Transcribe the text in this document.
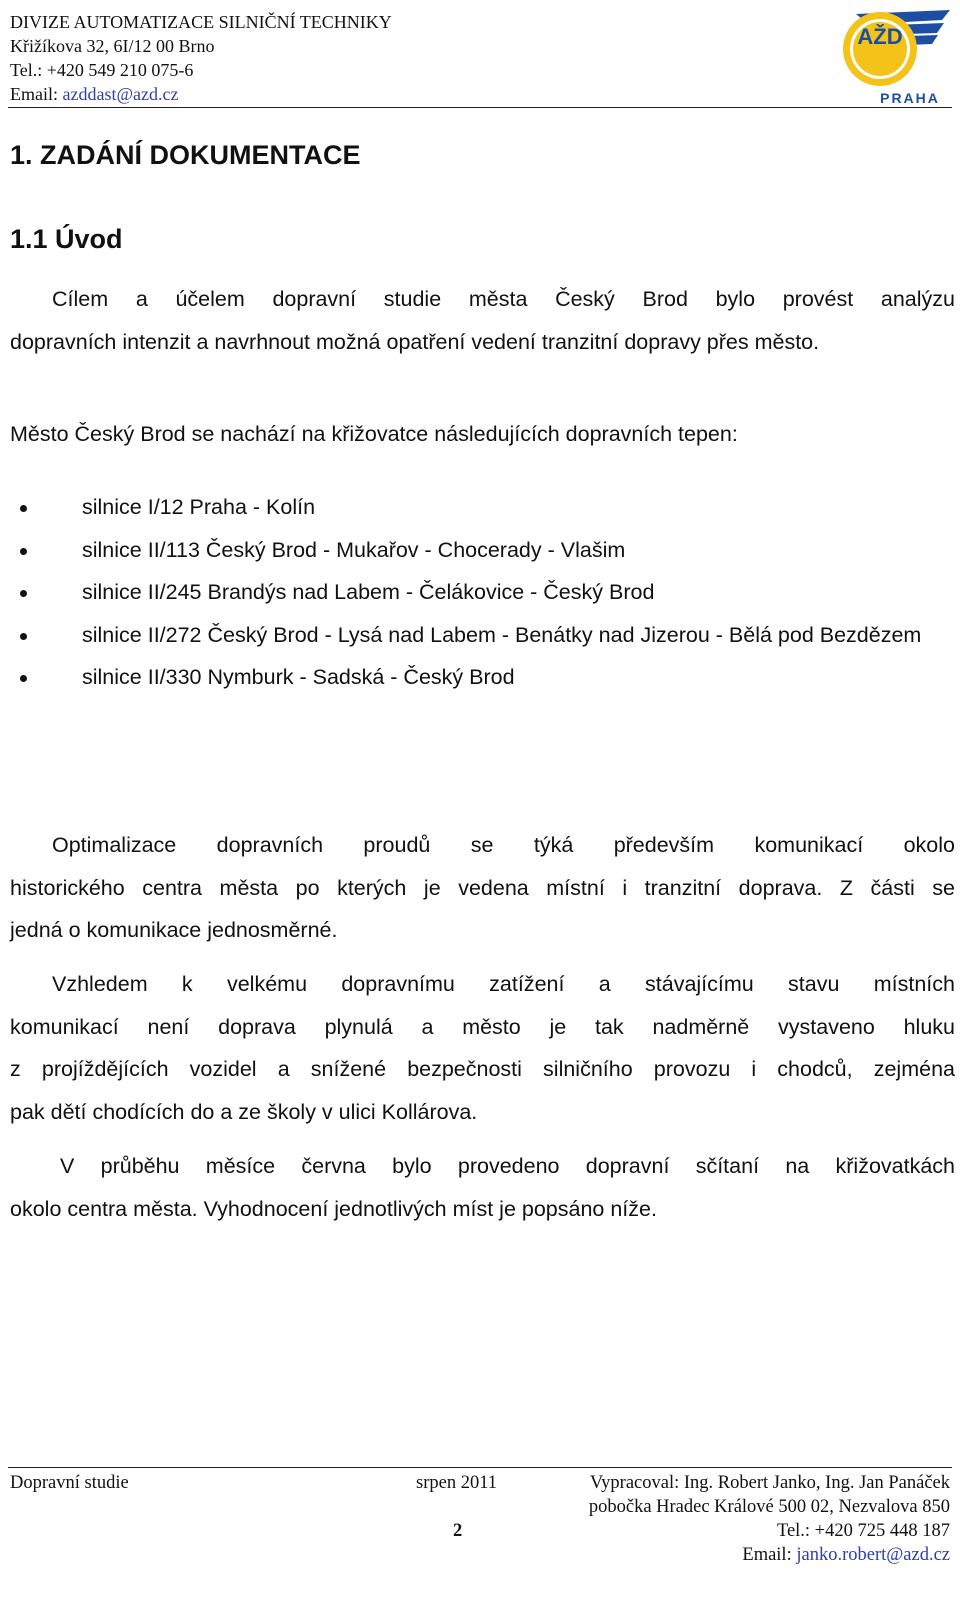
DIVIZE AUTOMATIZACE SILNIČNÍ TECHNIKY
Křižíkova 32, 6I/12 00 Brno
Tel.: +420 549 210 075-6
Email: azddast@azd.cz
AŽD
PRAHA
1. ZADÁNÍ DOKUMENTACE
1.1 Úvod
Cílem a účelem dopravní studie města Český Brod bylo provést analýzu
dopravních intenzit a navrhnout možná opatření vedení tranzitní dopravy přes město.
Město Český Brod se nachází na křižovatce následujících dopravních tepen:
silnice I/12 Praha - Kolín
silnice II/113 Český Brod - Mukařov - Chocerady - Vlašim
silnice II/245 Brandýs nad Labem - Čelákovice - Český Brod
silnice II/272 Český Brod - Lysá nad Labem - Benátky nad Jizerou - Bělá pod Bezdězem
silnice II/330 Nymburk - Sadská - Český Brod
Optimalizace dopravních proudů se týká především komunikací okolo
historického centra města po kterých je vedena místní i tranzitní doprava. Z části se
jedná o komunikace jednosměrné.
Vzhledem k velkému dopravnímu zatížení a stávajícímu stavu místních
komunikací není doprava plynulá a město je tak nadměrně vystaveno hluku
z projíždějících vozidel a snížené bezpečnosti silničního provozu i chodců, zejména
pak dětí chodících do a ze školy v ulici Kollárova.
V průběhu měsíce června bylo provedeno dopravní sčítaní na křižovatkách
okolo centra města. Vyhodnocení jednotlivých míst je popsáno níže.
Dopravní studie	srpen 2011	Vypracoval: Ing. Robert Janko, Ing. Jan Panáček
pobočka Hradec Králové 500 02, Nezvalova 850
2	Tel.: +420 725 448 187
Email: janko.robert@azd.cz
